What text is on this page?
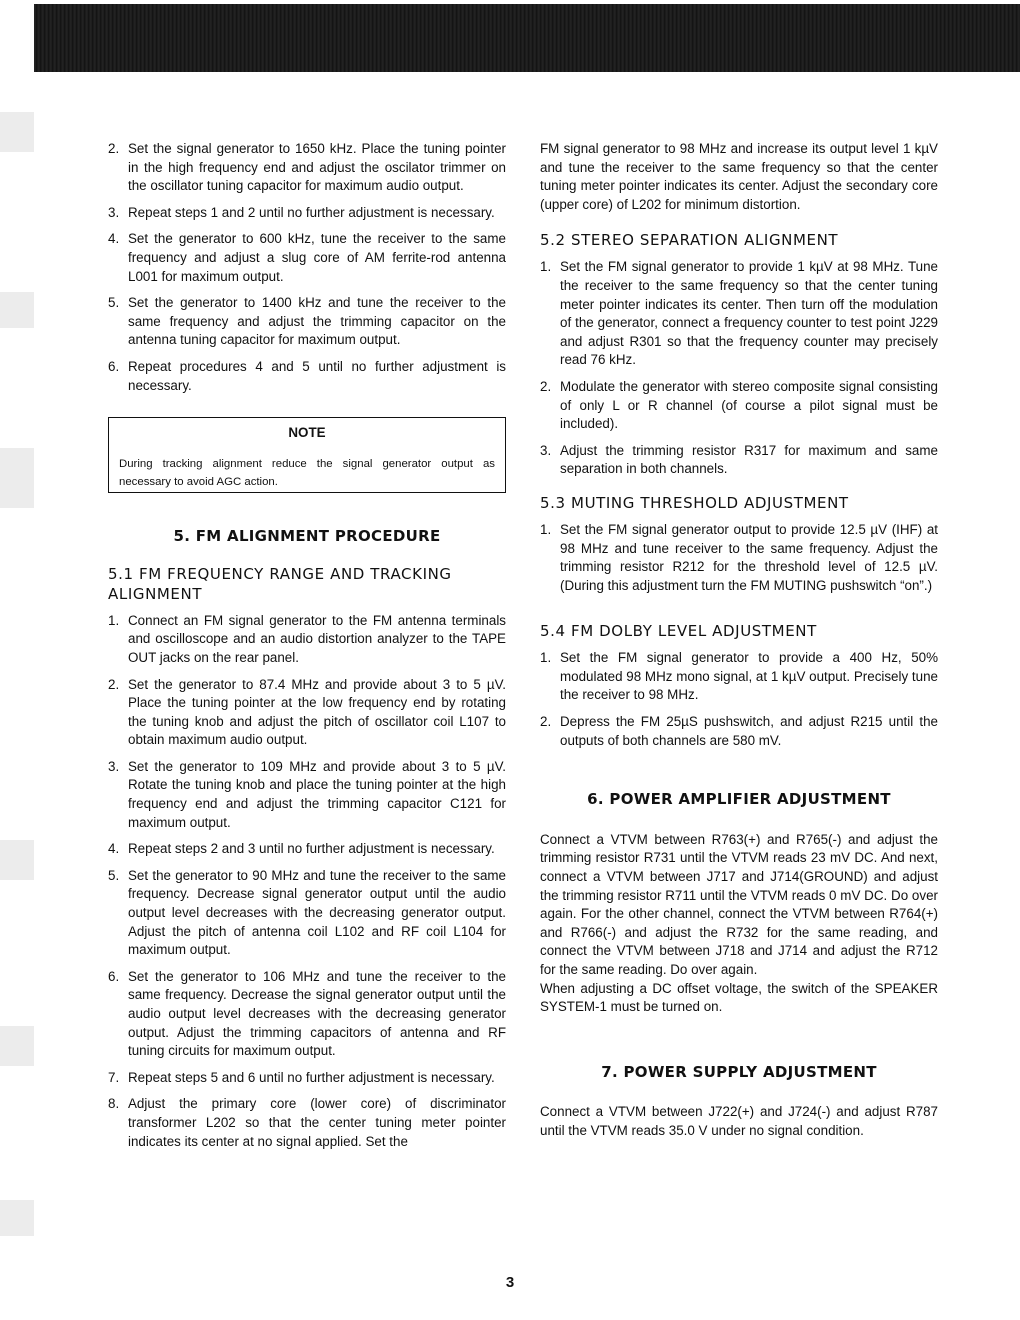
2. Set the signal generator to 1650 kHz. Place the tuning pointer in the high frequency end and adjust the oscilator trimmer on the oscillator tuning capacitor for maximum audio output.
3. Repeat steps 1 and 2 until no further adjustment is necessary.
4. Set the generator to 600 kHz, tune the receiver to the same frequency and adjust a slug core of AM ferrite-rod antenna L001 for maximum output.
5. Set the generator to 1400 kHz and tune the receiver to the same frequency and adjust the trimming capacitor on the antenna tuning capacitor for maximum output.
6. Repeat procedures 4 and 5 until no further adjustment is necessary.
NOTE
During tracking alignment reduce the signal generator output as necessary to avoid AGC action.
5. FM ALIGNMENT PROCEDURE
5.1 FM FREQUENCY RANGE AND TRACKING ALIGNMENT
1. Connect an FM signal generator to the FM antenna terminals and oscilloscope and an audio distortion analyzer to the TAPE OUT jacks on the rear panel.
2. Set the generator to 87.4 MHz and provide about 3 to 5 µV. Place the tuning pointer at the low frequency end by rotating the tuning knob and adjust the pitch of oscillator coil L107 to obtain maximum audio output.
3. Set the generator to 109 MHz and provide about 3 to 5 µV. Rotate the tuning knob and place the tuning pointer at the high frequency end and adjust the trimming capacitor C121 for maximum output.
4. Repeat steps 2 and 3 until no further adjustment is necessary.
5. Set the generator to 90 MHz and tune the receiver to the same frequency. Decrease signal generator output until the audio output level decreases with the decreasing generator output. Adjust the pitch of antenna coil L102 and RF coil L104 for maximum output.
6. Set the generator to 106 MHz and tune the receiver to the same frequency. Decrease the signal generator output until the audio output level decreases with the decreasing generator output. Adjust the trimming capacitors of antenna and RF tuning circuits for maximum output.
7. Repeat steps 5 and 6 until no further adjustment is necessary.
8. Adjust the primary core (lower core) of discriminator transformer L202 so that the center tuning meter pointer indicates its center at no signal applied. Set the

FM signal generator to 98 MHz and increase its output level 1 kµV and tune the receiver to the same frequency so that the center tuning meter pointer indicates its center. Adjust the secondary core (upper core) of L202 for minimum distortion.

5.2 STEREO SEPARATION ALIGNMENT
1. Set the FM signal generator to provide 1 kµV at 98 MHz. Tune the receiver to the same frequency so that the center tuning meter pointer indicates its center. Then turn off the modulation of the generator, connect a frequency counter to test point J229 and adjust R301 so that the frequency counter may precisely read 76 kHz.
2. Modulate the generator with stereo composite signal consisting of only L or R channel (of course a pilot signal must be included).
3. Adjust the trimming resistor R317 for maximum and same separation in both channels.
5.3 MUTING THRESHOLD ADJUSTMENT
1. Set the FM signal generator output to provide 12.5 µV (IHF) at 98 MHz and tune receiver to the same frequency. Adjust the trimming resistor R212 for the threshold level of 12.5 µV. (During this adjustment turn the FM MUTING pushswitch “on”.)
5.4 FM DOLBY LEVEL ADJUSTMENT
1. Set the FM signal generator to provide a 400 Hz, 50% modulated 98 MHz mono signal, at 1 kµV output. Precisely tune the receiver to 98 MHz.
2. Depress the FM 25µS pushswitch, and adjust R215 until the outputs of both channels are 580 mV.
6. POWER AMPLIFIER ADJUSTMENT

Connect a VTVM between R763(+) and R765(-) and adjust the trimming resistor R731 until the VTVM reads 23 mV DC. And next, connect a VTVM between J717 and J714(GROUND) and adjust the trimming resistor R711 until the VTVM reads 0 mV DC. Do over again. For the other channel, connect the VTVM between R764(+) and R766(-) and adjust the R732 for the same reading, and connect the VTVM between J718 and J714 and adjust the R712 for the same reading. Do over again.

When adjusting a DC offset voltage, the switch of the SPEAKER SYSTEM-1 must be turned on.

7. POWER SUPPLY ADJUSTMENT

Connect a VTVM between J722(+) and J724(-) and adjust R787 until the VTVM reads 35.0 V under no signal condition.

3
